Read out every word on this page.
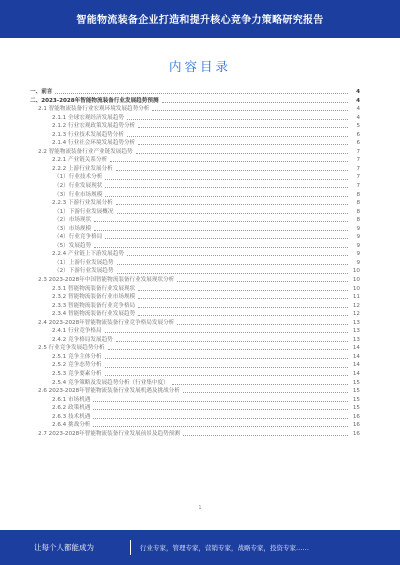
智能物流装备企业打造和提升核心竞争力策略研究报告
内容目录
一、前言	4
二、2023-2028年智能物流装备行业发展趋势预测	4
2.1 智能物流装备行业宏观环境发展趋势分析	4
2.1.1 全球宏观经济发展趋势	4
2.1.2 行业宏观政策发展趋势分析	5
2.1.3 行业技术发展趋势分析	6
2.1.4 行业社会环境发展趋势分析	6
2.2 智能物流装备行业产业链发展趋势	7
2.2.1 产业链关系分析	7
2.2.2 上游行业发展分析	7
（1）行业技术分析	7
（2）行业发展现状	7
（3）行业市场规模	8
2.2.3 下游行业发展分析	8
（1）下游行业发展概况	8
（2）市场现状	8
（3）市场规模	9
（4）行业竞争格局	9
（5）发展趋势	9
2.2.4 产业链上下游发展趋势	9
（1）上游行业发展趋势	9
（2）下游行业发展趋势	10
2.3 2023-2028年中国智能物流装备行业发展现状分析	10
2.3.1 智能物流装备行业发展现状	10
2.3.2 智能物流装备行业市场规模	11
2.3.3 智能物流装备行业竞争格局	12
2.3.4 智能物流装备行业发展趋势	12
2.4 2023-2028年智能物流装备行业竞争格局发展分析	13
2.4.1 行业竞争格局	13
2.4.2 竞争格局发展趋势	13
2.5 行业竞争发展趋势分析	14
2.5.1 竞争主体分析	14
2.5.2 竞争态势分析	14
2.5.3 竞争要素分析	14
2.5.4 竞争策略及发展趋势分析（行业集中度）	15
2.6 2023-2028年智能物流装备行业发展机遇及挑战分析	15
2.6.1 市场机遇	15
2.6.2 政策机遇	15
2.6.3 技术机遇	16
2.6.4 挑战分析	16
2.7 2023-2028年智能物流装备行业发展前景及趋势预测	16
1
让每个人都能成为	行业专家，管理专家，营销专家，战略专家，投资专家……
